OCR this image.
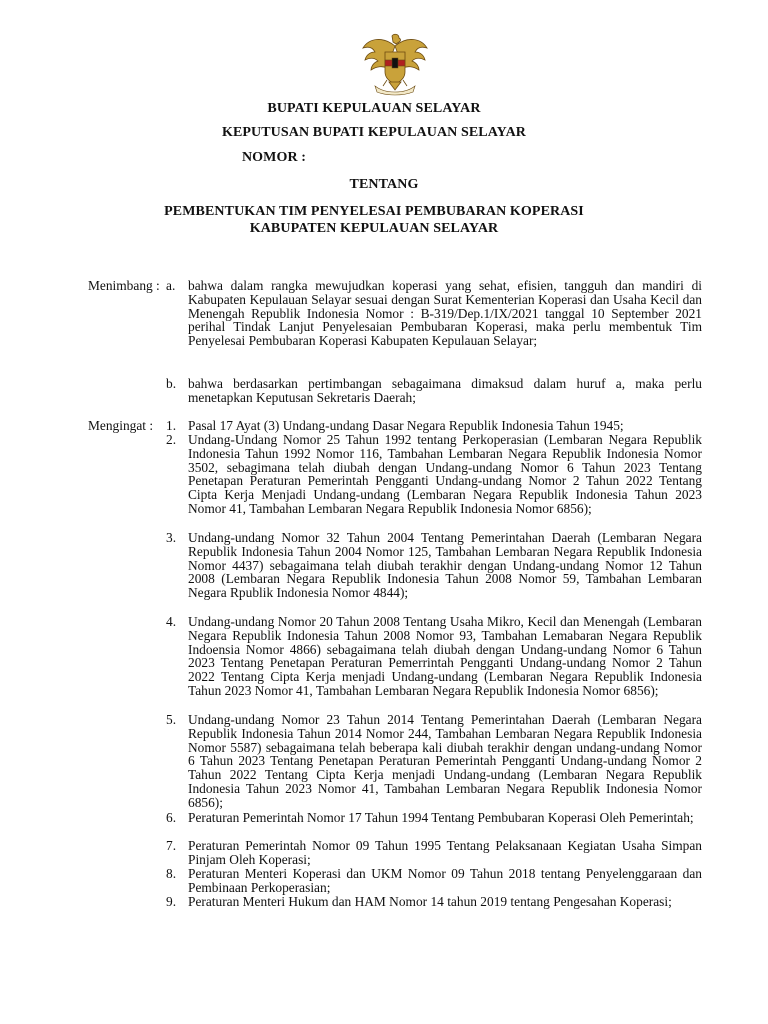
BUPATI KEPULAUAN SELAYAR
KEPUTUSAN BUPATI KEPULAUAN SELAYAR
NOMOR :
TENTANG
PEMBENTUKAN TIM PENYELESAI PEMBUBARAN KOPERASI
KABUPATEN KEPULAUAN SELAYAR
Menimbang : a. bahwa dalam rangka mewujudkan koperasi yang sehat, efisien, tangguh dan mandiri di Kabupaten Kepulauan Selayar sesuai dengan Surat Kementerian Koperasi dan Usaha Kecil dan Menengah Republik Indonesia Nomor : B-319/Dep.1/IX/2021 tanggal 10 September 2021 perihal Tindak Lanjut Penyelesaian Pembubaran Koperasi, maka perlu membentuk Tim Penyelesai Pembubaran Koperasi Kabupaten Kepulauan Selayar;
b. bahwa berdasarkan pertimbangan sebagaimana dimaksud dalam huruf a, maka perlu menetapkan Keputusan Sekretaris Daerah;
Mengingat : 1. Pasal 17 Ayat (3) Undang-undang Dasar Negara Republik Indonesia Tahun 1945;
2. Undang-Undang Nomor 25 Tahun 1992 tentang Perkoperasian (Lembaran Negara Republik Indonesia Tahun 1992 Nomor 116, Tambahan Lembaran Negara Republik Indonesia Nomor 3502, sebagimana telah diubah dengan Undang-undang Nomor 6 Tahun 2023 Tentang Penetapan Peraturan Pemerintah Pengganti Undang-undang Nomor 2 Tahun 2022 Tentang Cipta Kerja Menjadi Undang-undang (Lembaran Negara Republik Indonesia Tahun 2023 Nomor 41, Tambahan Lembaran Negara Republik Indonesia Nomor 6856);
3. Undang-undang Nomor 32 Tahun 2004 Tentang Pemerintahan Daerah (Lembaran Negara Republik Indonesia Tahun 2004 Nomor 125, Tambahan Lembaran Negara Republik Indonesia Nomor 4437) sebagaimana telah diubah terakhir dengan Undang-undang Nomor 12 Tahun 2008 (Lembaran Negara Republik Indonesia Tahun 2008 Nomor 59, Tambahan Lembaran Negara Rpublik Indonesia Nomor 4844);
4. Undang-undang Nomor 20 Tahun 2008 Tentang Usaha Mikro, Kecil dan Menengah (Lembaran Negara Republik Indonesia Tahun 2008 Nomor 93, Tambahan Lemabaran Negara Republik Indoensia Nomor 4866) sebagaimana telah diubah dengan Undang-undang Nomor 6 Tahun 2023 Tentang Penetapan Peraturan Pemerrintah Pengganti Undang-undang Nomor 2 Tahun 2022 Tentang Cipta Kerja menjadi Undang-undang (Lembaran Negara Republik Indonesia Tahun 2023 Nomor 41, Tambahan Lembaran Negara Republik Indonesia Nomor 6856);
5. Undang-undang Nomor 23 Tahun 2014 Tentang Pemerintahan Daerah (Lembaran Negara Republik Indonesia Tahun 2014 Nomor 244, Tambahan Lembaran Negara Republik Indonesia Nomor 5587) sebagaimana telah beberapa kali diubah terakhir dengan undang-undang Nomor 6 Tahun 2023 Tentang Penetapan Peraturan Pemerintah Pengganti Undang-undang Nomor 2 Tahun 2022 Tentang Cipta Kerja menjadi Undang-undang (Lembaran Negara Republik Indonesia Tahun 2023 Nomor 41, Tambahan Lembaran Negara Republik Indonesia Nomor 6856);
6. Peraturan Pemerintah Nomor 17 Tahun 1994 Tentang Pembubaran Koperasi Oleh Pemerintah;
7. Peraturan Pemerintah Nomor 09 Tahun 1995 Tentang Pelaksanaan Kegiatan Usaha Simpan Pinjam Oleh Koperasi;
8. Peraturan Menteri Koperasi dan UKM Nomor 09 Tahun 2018 tentang Penyelenggaraan dan Pembinaan Perkoperasian;
9. Peraturan Menteri Hukum dan HAM Nomor 14 tahun 2019 tentang Pengesahan Koperasi;
